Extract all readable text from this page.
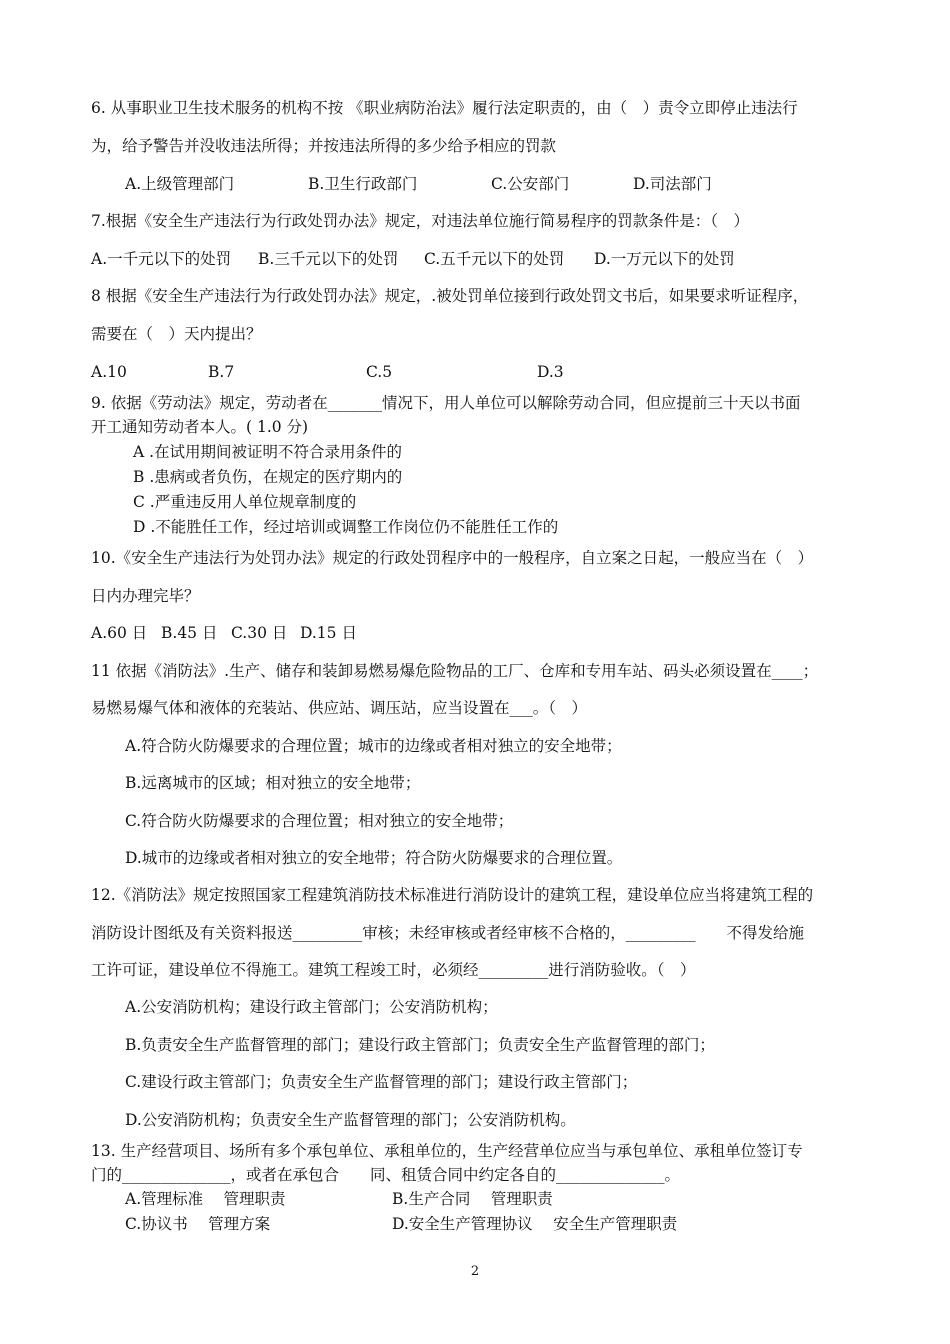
6. 从事职业卫生技术服务的机构不按 《职业病防治法》履行法定职责的，由（　）责令立即停止违法行
为，给予警告并没收违法所得；并按违法所得的多少给予相应的罚款
A.上级管理部门	B.卫生行政部门	C.公安部门	D.司法部门
7.根据《安全生产违法行为行政处罚办法》规定，对违法单位施行简易程序的罚款条件是：（　）
A.一千元以下的处罚 B.三千元以下的处罚 C.五千元以下的处罚 D.一万元以下的处罚
8 根据《安全生产违法行为行政处罚办法》规定，.被处罚单位接到行政处罚文书后，如果要求听证程序，
需要在（　）天内提出？
A.10	B.7	C.5	D.3
9. 依据《劳动法》规定，劳动者在_______情况下，用人单位可以解除劳动合同，但应提前三十天以书面
开工通知劳动者本人。( 1.0 分)
A .在试用期间被证明不符合录用条件的
B .患病或者负伤，在规定的医疗期内的
C .严重违反用人单位规章制度的
D .不能胜任工作，经过培训或调整工作岗位仍不能胜任工作的
10.《安全生产违法行为处罚办法》规定的行政处罚程序中的一般程序，自立案之日起，一般应当在（　）
日内办理完毕？
A.60 日 B.45 日 C.30 日 D.15 日
11 依据《消防法》.生产、储存和装卸易燃易爆危险物品的工厂、仓库和专用车站、码头必须设置在____；
易燃易爆气体和液体的充装站、供应站、调压站，应当设置在___。（　）
A.符合防火防爆要求的合理位置；城市的边缘或者相对独立的安全地带；
B.远离城市的区域；相对独立的安全地带；
C.符合防火防爆要求的合理位置；相对独立的安全地带；
D.城市的边缘或者相对独立的安全地带；符合防火防爆要求的合理位置。
12.《消防法》规定按照国家工程建筑消防技术标准进行消防设计的建筑工程，建设单位应当将建筑工程的
消防设计图纸及有关资料报送_________审核；未经审核或者经审核不合格的，_________　　不得发给施
工许可证，建设单位不得施工。建筑工程竣工时，必须经_________进行消防验收。（　）
A.公安消防机构；建设行政主管部门；公安消防机构；
B.负责安全生产监督管理的部门；建设行政主管部门；负责安全生产监督管理的部门；
C.建设行政主管部门；负责安全生产监督管理的部门；建设行政主管部门；
D.公安消防机构；负责安全生产监督管理的部门；公安消防机构。
13. 生产经营项目、场所有多个承包单位、承租单位的，生产经营单位应当与承包单位、承租单位签订专
门的______________，或者在承包合　　同、租赁合同中约定各自的______________。
A.管理标准　 管理职责	B.生产合同　 管理职责
C.协议书　 管理方案	D.安全生产管理协议　 安全生产管理职责
2
